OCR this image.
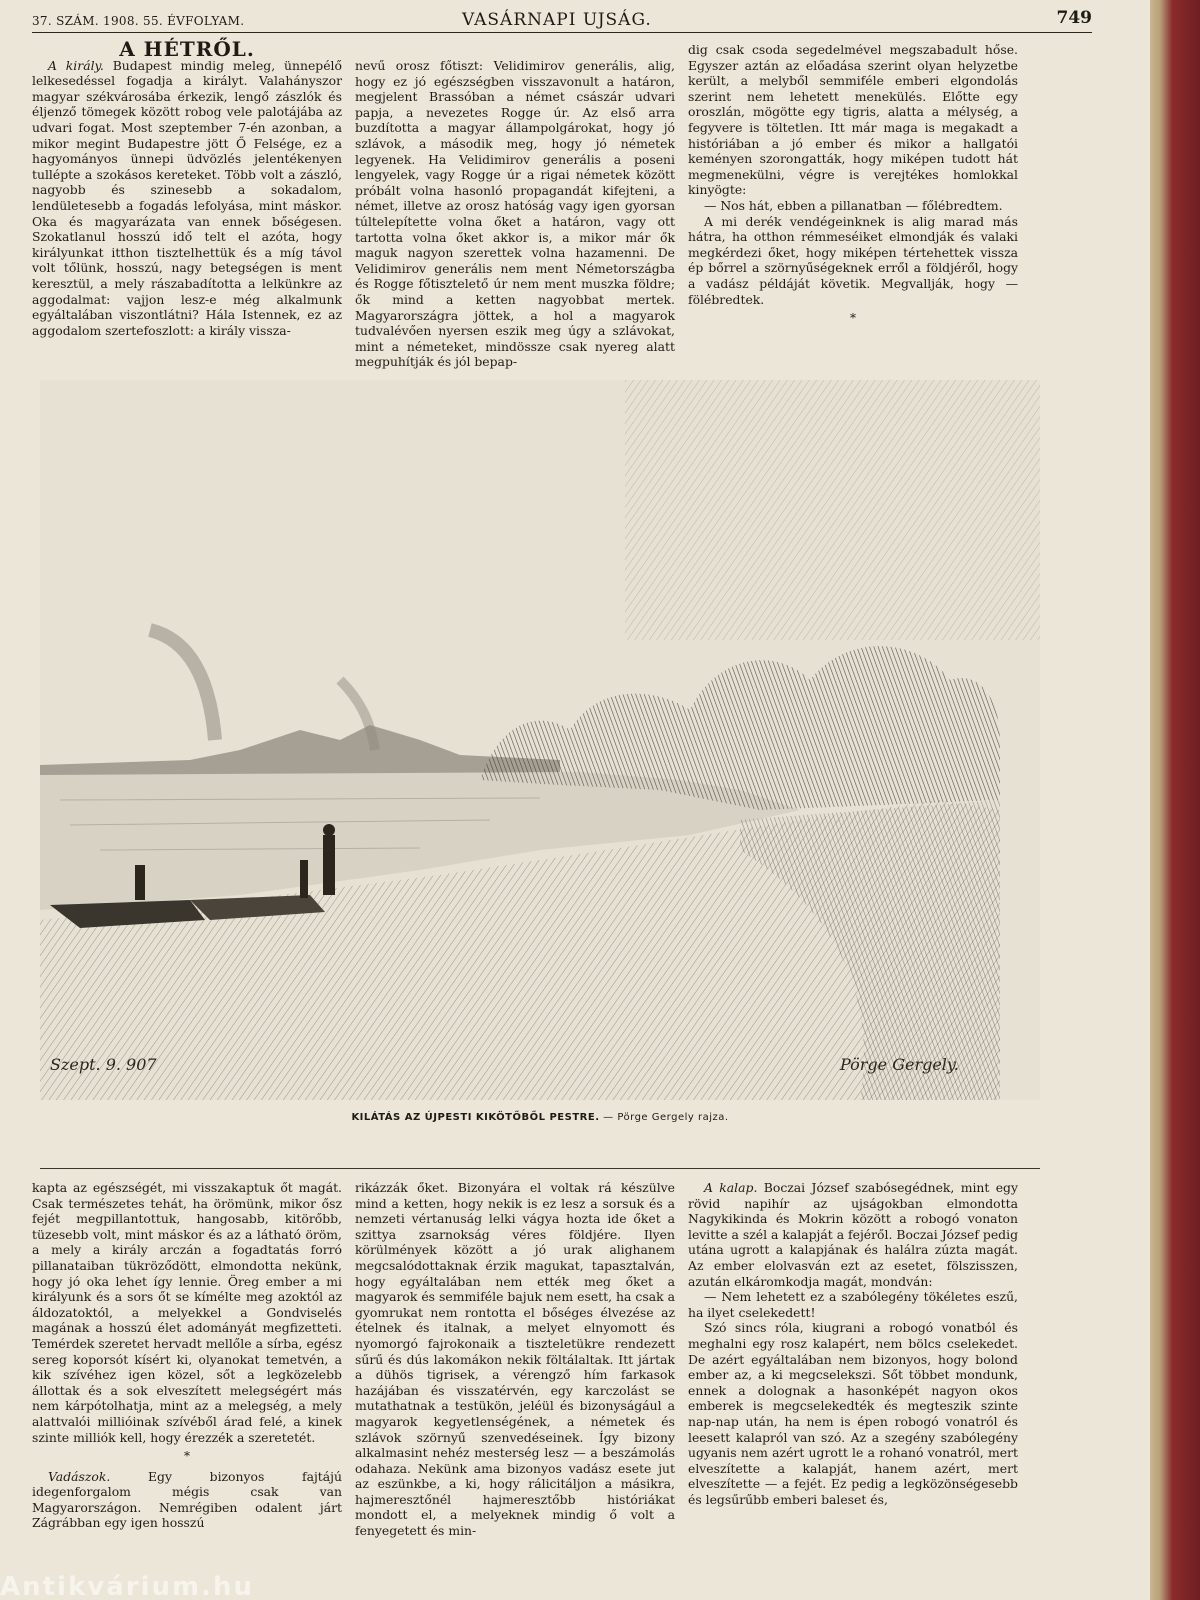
37. SZÁM. 1908. 55. ÉVFOLYAM.	VASÁRNAPI UJSÁG.	749

A HÉTRŐL.

A király. Budapest mindig meleg, ünnepélő lelkesedéssel fogadja a királyt. Valahányszor magyar székvárosába érkezik, lengő zászlók és éljenző tömegek között robog vele palotájába az udvari fogat. Most szeptember 7-én azonban, a mikor megint Budapestre jött Ő Felsége, ez a hagyományos ünnepi üdvözlés jelentékenyen tullépte a szokásos kereteket. Több volt a zászló, nagyobb és szinesebb a sokadalom, lendületesebb a fogadás lefolyása, mint máskor. Oka és magyarázata van ennek bőségesen. Szokatlanul hosszú idő telt el azóta, hogy királyunkat itthon tisztelhettük és a míg távol volt tőlünk, hosszú, nagy betegségen is ment keresztül, a mely rászabadította a lelkünkre az aggodalmat: vajjon lesz-e még alkalmunk egyáltalában viszontlátni? Hála Istennek, ez az aggodalom szertefoszlott: a király vissza-

nevű orosz főtiszt: Velidimirov generális, alig, hogy ez jó egészségben visszavonult a határon, megjelent Brassóban a német császár udvari papja, a nevezetes Rogge úr. Az első arra buzdította a magyar állampolgárokat, hogy jó szlávok, a második meg, hogy jó németek legyenek. Ha Velidimirov generális a poseni lengyelek, vagy Rogge úr a rigai németek között próbált volna hasonló propagandát kifejteni, a német, illetve az orosz hatóság vagy igen gyorsan túltelepítette volna őket a határon, vagy ott tartotta volna őket akkor is, a mikor már ők maguk nagyon szerettek volna hazamenni. De Velidimirov generális nem ment Németországba és Rogge főtisztelető úr nem ment muszka földre; ők mind a ketten nagyobbat mertek. Magyarországra jöttek, a hol a magyarok tudvalévően nyersen eszik meg úgy a szlávokat, mint a németeket, mindössze csak nyereg alatt megpuhítják és jól bepap-

dig csak csoda segedelmével megszabadult hőse. Egyszer aztán az előadása szerint olyan helyzetbe került, a melyből semmiféle emberi elgondolás szerint nem lehetett menekülés. Előtte egy oroszlán, mögötte egy tigris, alatta a mélység, a fegyvere is töltetlen. Itt már maga is megakadt a históriában a jó ember és mikor a hallgatói keményen szorongatták, hogy miképen tudott hát megmenekülni, végre is verejtékes homlokkal kinyögte:

— Nos hát, ebben a pillanatban — főlébredtem.

A mi derék vendégeinknek is alig marad más hátra, ha otthon rémmeséiket elmondják és valaki megkérdezi őket, hogy miképen tértehettek vissza ép bőrrel a szörnyűségeknek erről a földjéről, hogy a vadász példáját követik. Megvallják, hogy — fölébredtek.

*

Szept. 9. 907	Pörge Gergely.
KILÁTÁS AZ ÚJPESTI KIKÖTŐBŐL PESTRE. — Pörge Gergely rajza.

kapta az egészségét, mi visszakaptuk őt magát. Csak természetes tehát, ha örömünk, mikor ősz fejét megpillantottuk, hangosabb, kitörőbb, tüzesebb volt, mint máskor és az a látható öröm, a mely a király arczán a fogadtatás forró pillanataiban tükröződött, elmondotta nekünk, hogy jó oka lehet így lennie. Öreg ember a mi királyunk és a sors őt se kímélte meg azoktól az áldozatoktól, a melyekkel a Gondviselés magának a hosszú élet adományát megfizetteti. Temérdek szeretet hervadt mellőle a sírba, egész sereg koporsót kísért ki, olyanokat temetvén, a kik szívéhez igen közel, sőt a legközelebb állottak és a sok elveszített melegségért más nem kárpótolhatja, mint az a melegség, a mely alattvalói millióinak szívéből árad felé, a kinek szinte milliók kell, hogy érezzék a szeretetét.

*

Vadászok. Egy bizonyos fajtájú idegenforgalom mégis csak van Magyarországon. Nemrégiben odalent járt Zágrábban egy igen hosszú

rikázzák őket. Bizonyára el voltak rá készülve mind a ketten, hogy nekik is ez lesz a sorsuk és a nemzeti vértanuság lelki vágya hozta ide őket a szittya zsarnokság véres földjére. Ilyen körülmények között a jó urak alighanem megcsalódottaknak érzik magukat, tapasztalván, hogy egyáltalában nem ették meg őket a magyarok és semmiféle bajuk nem esett, ha csak a gyomrukat nem rontotta el bőséges élvezése az ételnek és italnak, a melyet elnyomott és nyomorgó fajrokonaik a tiszteletükre rendezett sűrű és dús lakomákon nekik föltálaltak. Itt jártak a dühös tigrisek, a vérengző hím farkasok hazájában és visszatérvén, egy karczolást se mutathatnak a testükön, jeléül és bizonyságául a magyarok kegyetlenségének, a németek és szlávok szörnyű szenvedéseinek. Így bizony alkalmasint nehéz mesterség lesz — a beszámolás odahaza. Nekünk ama bizonyos vadász esete jut az eszünkbe, a ki, hogy rálicitáljon a másikra, hajmeresztőnél hajmeresztőbb históriákat mondott el, a melyeknek mindig ő volt a fenyegetett és min-

A kalap. Boczai József szabósegédnek, mint egy rövid napihír az ujságokban elmondotta Nagykikinda és Mokrin között a robogó vonaton levitte a szél a kalapját a fejéről. Boczai József pedig utána ugrott a kalapjának és halálra zúzta magát. Az ember elolvasván ezt az esetet, fölszisszen, azután elkáromkodja magát, mondván:

— Nem lehetett ez a szabólegény tökéletes eszű, ha ilyet cselekedett!

Szó sincs róla, kiugrani a robogó vonatból és meghalni egy rosz kalapért, nem bölcs cselekedet. De azért egyáltalában nem bizonyos, hogy bolond ember az, a ki megcselekszi. Sőt többet mondunk, ennek a dolognak a hasonképét nagyon okos emberek is megcselekedték és megteszik szinte nap-nap után, ha nem is épen robogó vonatról és leesett kalapról van szó. Az a szegény szabólegény ugyanis nem azért ugrott le a rohanó vonatról, mert elveszítette a kalapját, hanem azért, mert elveszítette — a fejét. Ez pedig a legközönségesebb és legsűrűbb emberi baleset és,

Antikvárium.hu
